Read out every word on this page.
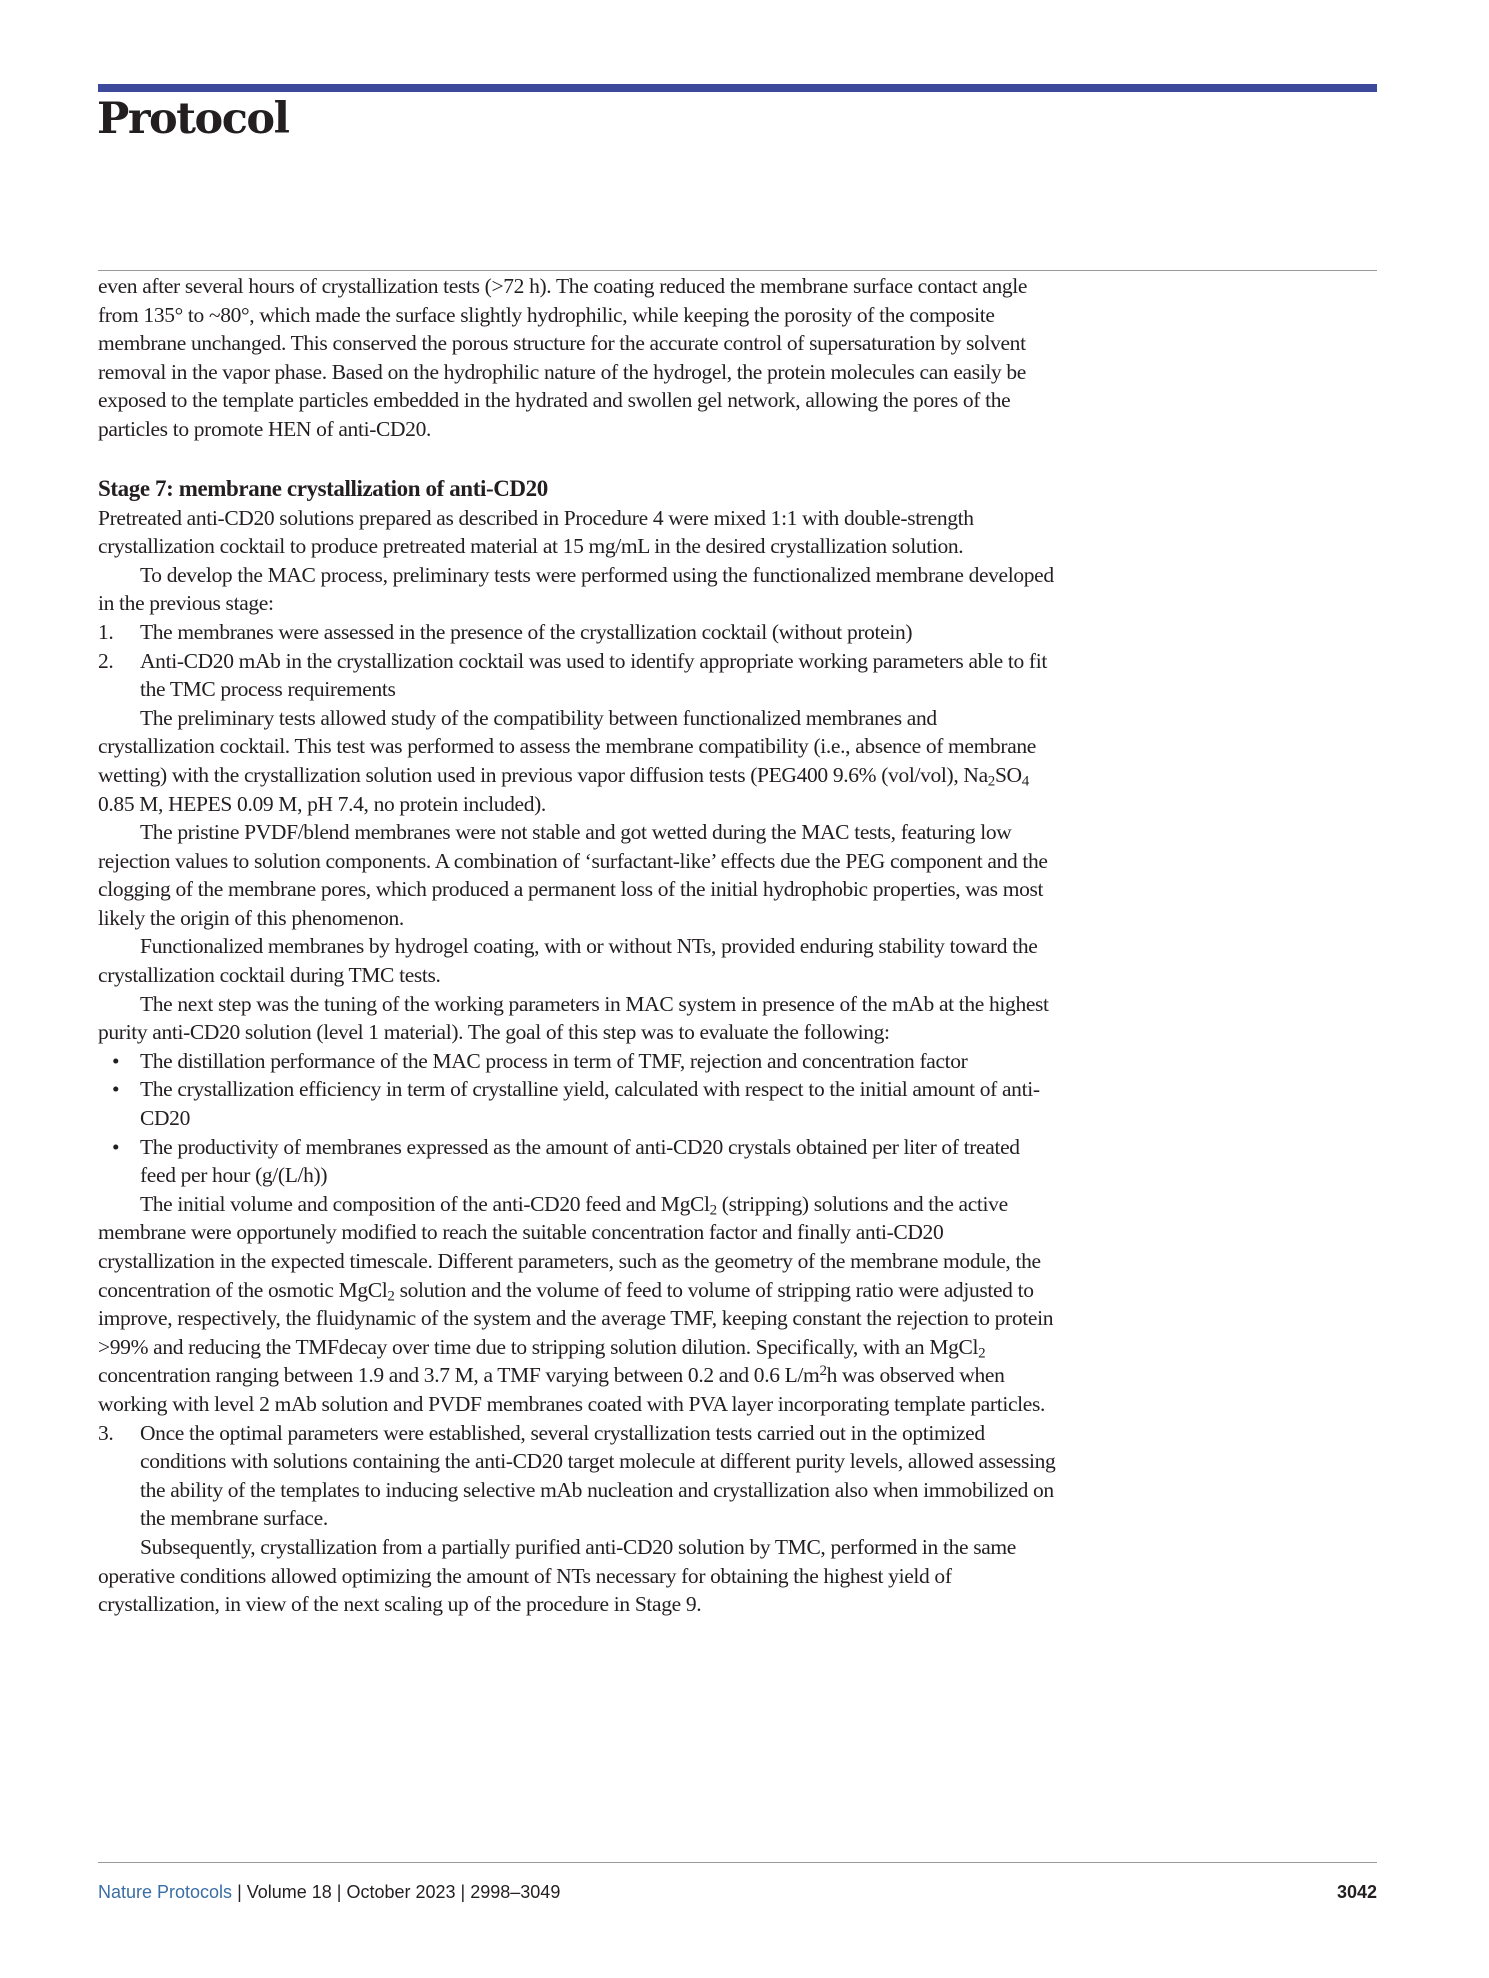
Protocol

even after several hours of crystallization tests (>72 h). The coating reduced the membrane surface contact angle from 135° to ~80°, which made the surface slightly hydrophilic, while keeping the porosity of the composite membrane unchanged. This conserved the porous structure for the accurate control of supersaturation by solvent removal in the vapor phase. Based on the hydrophilic nature of the hydrogel, the protein molecules can easily be exposed to the template particles embedded in the hydrated and swollen gel network, allowing the pores of the particles to promote HEN of anti-CD20.

Stage 7: membrane crystallization of anti-CD20

Pretreated anti-CD20 solutions prepared as described in Procedure 4 were mixed 1:1 with double-strength crystallization cocktail to produce pretreated material at 15 mg/mL in the desired crystallization solution.

To develop the MAC process, preliminary tests were performed using the functionalized membrane developed in the previous stage:

1. The membranes were assessed in the presence of the crystallization cocktail (without protein)
2. Anti-CD20 mAb in the crystallization cocktail was used to identify appropriate working parameters able to fit the TMC process requirements

The preliminary tests allowed study of the compatibility between functionalized membranes and crystallization cocktail. This test was performed to assess the membrane compatibility (i.e., absence of membrane wetting) with the crystallization solution used in previous vapor diffusion tests (PEG400 9.6% (vol/vol), $Na_2SO_4$ 0.85 M, HEPES 0.09 M, pH 7.4, no protein included).

The pristine PVDF/blend membranes were not stable and got wetted during the MAC tests, featuring low rejection values to solution components. A combination of ‘surfactant-like’ effects due the PEG component and the clogging of the membrane pores, which produced a permanent loss of the initial hydrophobic properties, was most likely the origin of this phenomenon.

Functionalized membranes by hydrogel coating, with or without NTs, provided enduring stability toward the crystallization cocktail during TMC tests.

The next step was the tuning of the working parameters in MAC system in presence of the mAb at the highest purity anti-CD20 solution (level 1 material). The goal of this step was to evaluate the following:

• The distillation performance of the MAC process in term of TMF, rejection and concentration factor
• The crystallization efficiency in term of crystalline yield, calculated with respect to the initial amount of anti-CD20
• The productivity of membranes expressed as the amount of anti-CD20 crystals obtained per liter of treated feed per hour (g/(L/h))

The initial volume and composition of the anti-CD20 feed and MgCl$_2$ (stripping) solutions and the active membrane were opportunely modified to reach the suitable concentration factor and finally anti-CD20 crystallization in the expected timescale. Different parameters, such as the geometry of the membrane module, the concentration of the osmotic MgCl$_2$ solution and the volume of feed to volume of stripping ratio were adjusted to improve, respectively, the fluidynamic of the system and the average TMF, keeping constant the rejection to protein >99% and reducing the TMFdecay over time due to stripping solution dilution. Specifically, with an MgCl$_2$ concentration ranging between 1.9 and 3.7 M, a TMF varying between 0.2 and 0.6 $L/m^2h$ was observed when working with level 2 mAb solution and PVDF membranes coated with PVA layer incorporating template particles.

3. Once the optimal parameters were established, several crystallization tests carried out in the optimized conditions with solutions containing the anti-CD20 target molecule at different purity levels, allowed assessing the ability of the templates to inducing selective mAb nucleation and crystallization also when immobilized on the membrane surface.

Subsequently, crystallization from a partially purified anti-CD20 solution by TMC, performed in the same operative conditions allowed optimizing the amount of NTs necessary for obtaining the highest yield of crystallization, in view of the next scaling up of the procedure in Stage 9.

Nature Protocols | Volume 18 | October 2023 | 2998–3049	3042
